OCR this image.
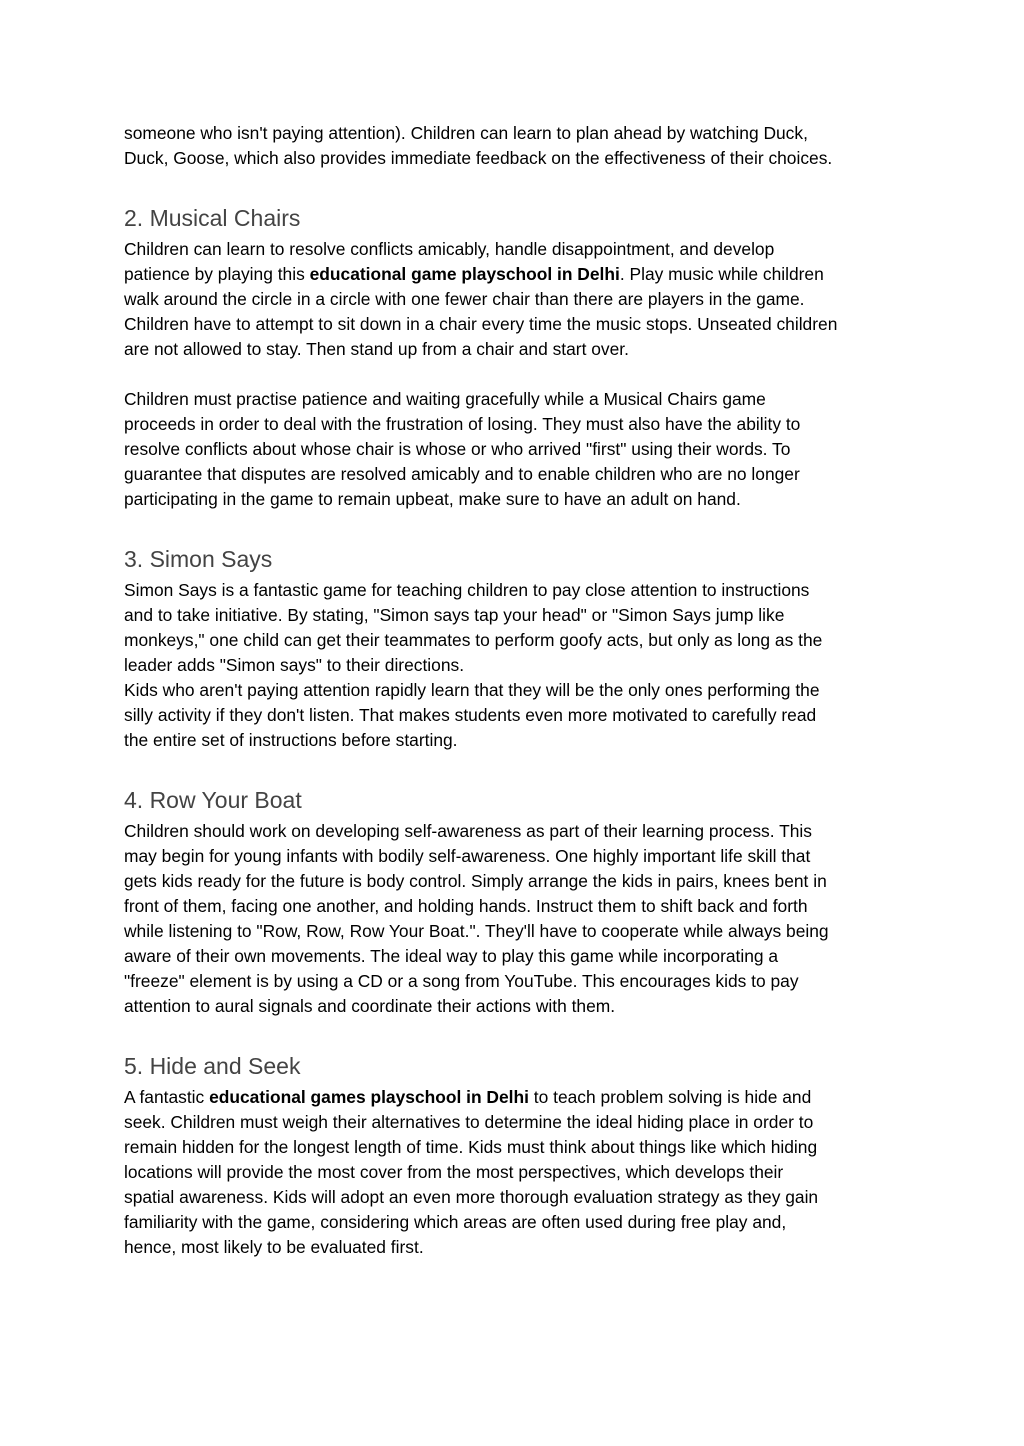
someone who isn't paying attention). Children can learn to plan ahead by watching Duck,
Duck, Goose, which also provides immediate feedback on the effectiveness of their choices.

2. Musical Chairs

Children can learn to resolve conflicts amicably, handle disappointment, and develop
patience by playing this educational game playschool in Delhi. Play music while children
walk around the circle in a circle with one fewer chair than there are players in the game.
Children have to attempt to sit down in a chair every time the music stops. Unseated children
are not allowed to stay. Then stand up from a chair and start over.

Children must practise patience and waiting gracefully while a Musical Chairs game
proceeds in order to deal with the frustration of losing. They must also have the ability to
resolve conflicts about whose chair is whose or who arrived "first" using their words. To
guarantee that disputes are resolved amicably and to enable children who are no longer
participating in the game to remain upbeat, make sure to have an adult on hand.

3. Simon Says

Simon Says is a fantastic game for teaching children to pay close attention to instructions
and to take initiative. By stating, "Simon says tap your head" or "Simon Says jump like
monkeys," one child can get their teammates to perform goofy acts, but only as long as the
leader adds "Simon says" to their directions.
Kids who aren't paying attention rapidly learn that they will be the only ones performing the
silly activity if they don't listen. That makes students even more motivated to carefully read
the entire set of instructions before starting.

4. Row Your Boat

Children should work on developing self-awareness as part of their learning process. This
may begin for young infants with bodily self-awareness. One highly important life skill that
gets kids ready for the future is body control. Simply arrange the kids in pairs, knees bent in
front of them, facing one another, and holding hands. Instruct them to shift back and forth
while listening to "Row, Row, Row Your Boat.". They'll have to cooperate while always being
aware of their own movements. The ideal way to play this game while incorporating a
"freeze" element is by using a CD or a song from YouTube. This encourages kids to pay
attention to aural signals and coordinate their actions with them.

5. Hide and Seek

A fantastic educational games playschool in Delhi to teach problem solving is hide and
seek. Children must weigh their alternatives to determine the ideal hiding place in order to
remain hidden for the longest length of time. Kids must think about things like which hiding
locations will provide the most cover from the most perspectives, which develops their
spatial awareness. Kids will adopt an even more thorough evaluation strategy as they gain
familiarity with the game, considering which areas are often used during free play and,
hence, most likely to be evaluated first.
